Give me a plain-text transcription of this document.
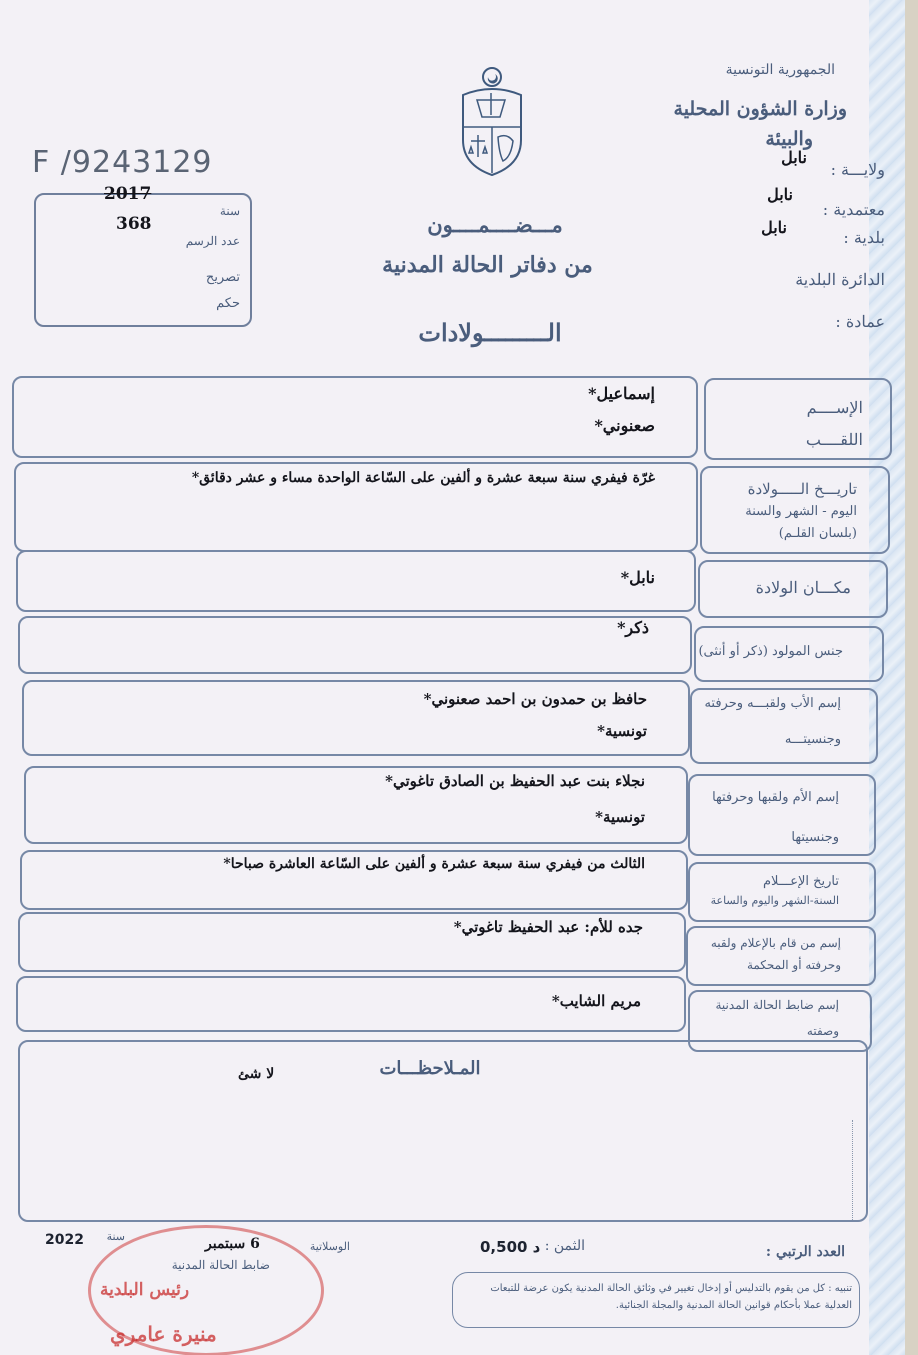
الجمهورية التونسية
وزارة الشؤون المحلية
والبيئة
ولايـــة :
نابل
معتمدية :
نابل
بلدية :
نابل
الدائرة البلدية
عمادة :
F /9243129
2017
سنة
368
عدد الرسم
تصريح
حكم
مـــضــــمــــون
من دفاتر الحالة المدنية
الـــــــــولادات
الإســــم
اللقــــب
إسماعيل*
صعنوني*
تاريـــخ الـــــولادة
اليوم - الشهر والسنة
(بلسان القلـم)
غرّة فيفري سنة سبعة عشرة و ألفين على السّاعة الواحدة مساء و عشر دقائق*
مكـــان الولادة
نابل*
جنس المولود (ذكر أو أنثى)
ذكر*
إسم الأب ولقبـــه وحرفته
وجنسيتـــه
حافظ بن حمدون بن احمد صعنوني*
تونسية*
إسم الأم ولقبها وحرفتها
وجنسيتها
نجلاء بنت عبد الحفيظ بن الصادق تاغوتي*
تونسية*
تاريخ الإعـــلام
السنة-الشهر واليوم والساعة
الثالث من فيفري سنة سبعة عشرة و ألفين على السّاعة العاشرة صباحا*
إسم من قام بالإعلام ولقبه
وحرفته أو المحكمة
جده للأم: عبد الحفيظ تاغوتي*
إسم ضابط الحالة المدنية
وصفته
مريم الشايب*
المـلاحظـــات
لا شئ
العدد الرتبي :
الثمن :
0,500 د
الوسلاتية
6 سبتمبر
سنة
2022
ضابط الحالة المدنية
تنبيه : كل من يقوم بالتدليس أو إدخال تغيير في وثائق الحالة المدنية يكون عرضة للتبعات العدلية عملا بأحكام قوانين الحالة المدنية والمجلة الجنائية.
رئيس البلدية
منيرة عامري
